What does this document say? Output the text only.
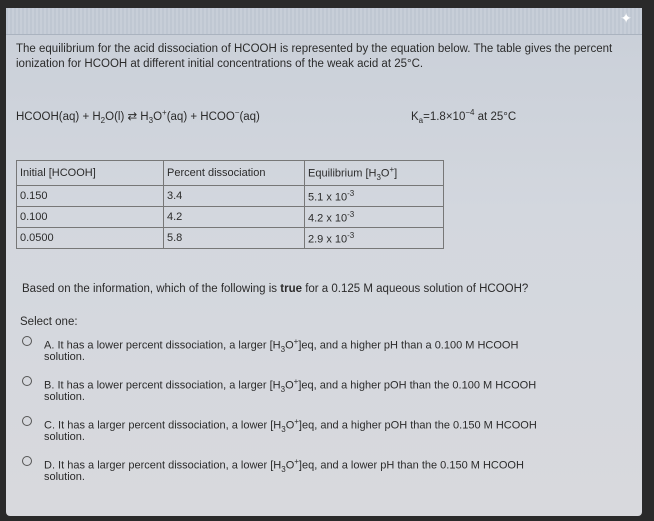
✦

The equilibrium for the acid dissociation of HCOOH is represented by the equation below. The table gives the percent ionization for HCOOH at different initial concentrations of the weak acid at 25°C.

HCOOH(aq) + $H_2O(l)$ ⇄ $H_3O^+(aq)$ + HCOO−(aq)	$K_a=1.8\times 10^{-4}$ at 25°C
Initial [HCOOH]	Percent dissociation	Equilibrium $[H_3O^+]$
0.150	3.4	5.1 x $10^{-3}$
0.100	4.2	4.2 x $10^{-3}$
0.0500	5.8	2.9 x $10^{-3}$
Based on the information, which of the following is true for a 0.125 M aqueous solution of HCOOH?
Select one:
A. It has a lower percent dissociation, a larger $[H_3O^+]eq$, and a higher pH than a 0.100 M HCOOH
solution.
B. It has a lower percent dissociation, a larger $[H_3O^+]eq$, and a higher pOH than the 0.100 M HCOOH
solution.
C. It has a larger percent dissociation, a lower $[H_3O^+]eq$, and a higher pOH than the 0.150 M HCOOH
solution.
D. It has a larger percent dissociation, a lower $[H_3O^+]eq$, and a lower pH than the 0.150 M HCOOH
solution.
